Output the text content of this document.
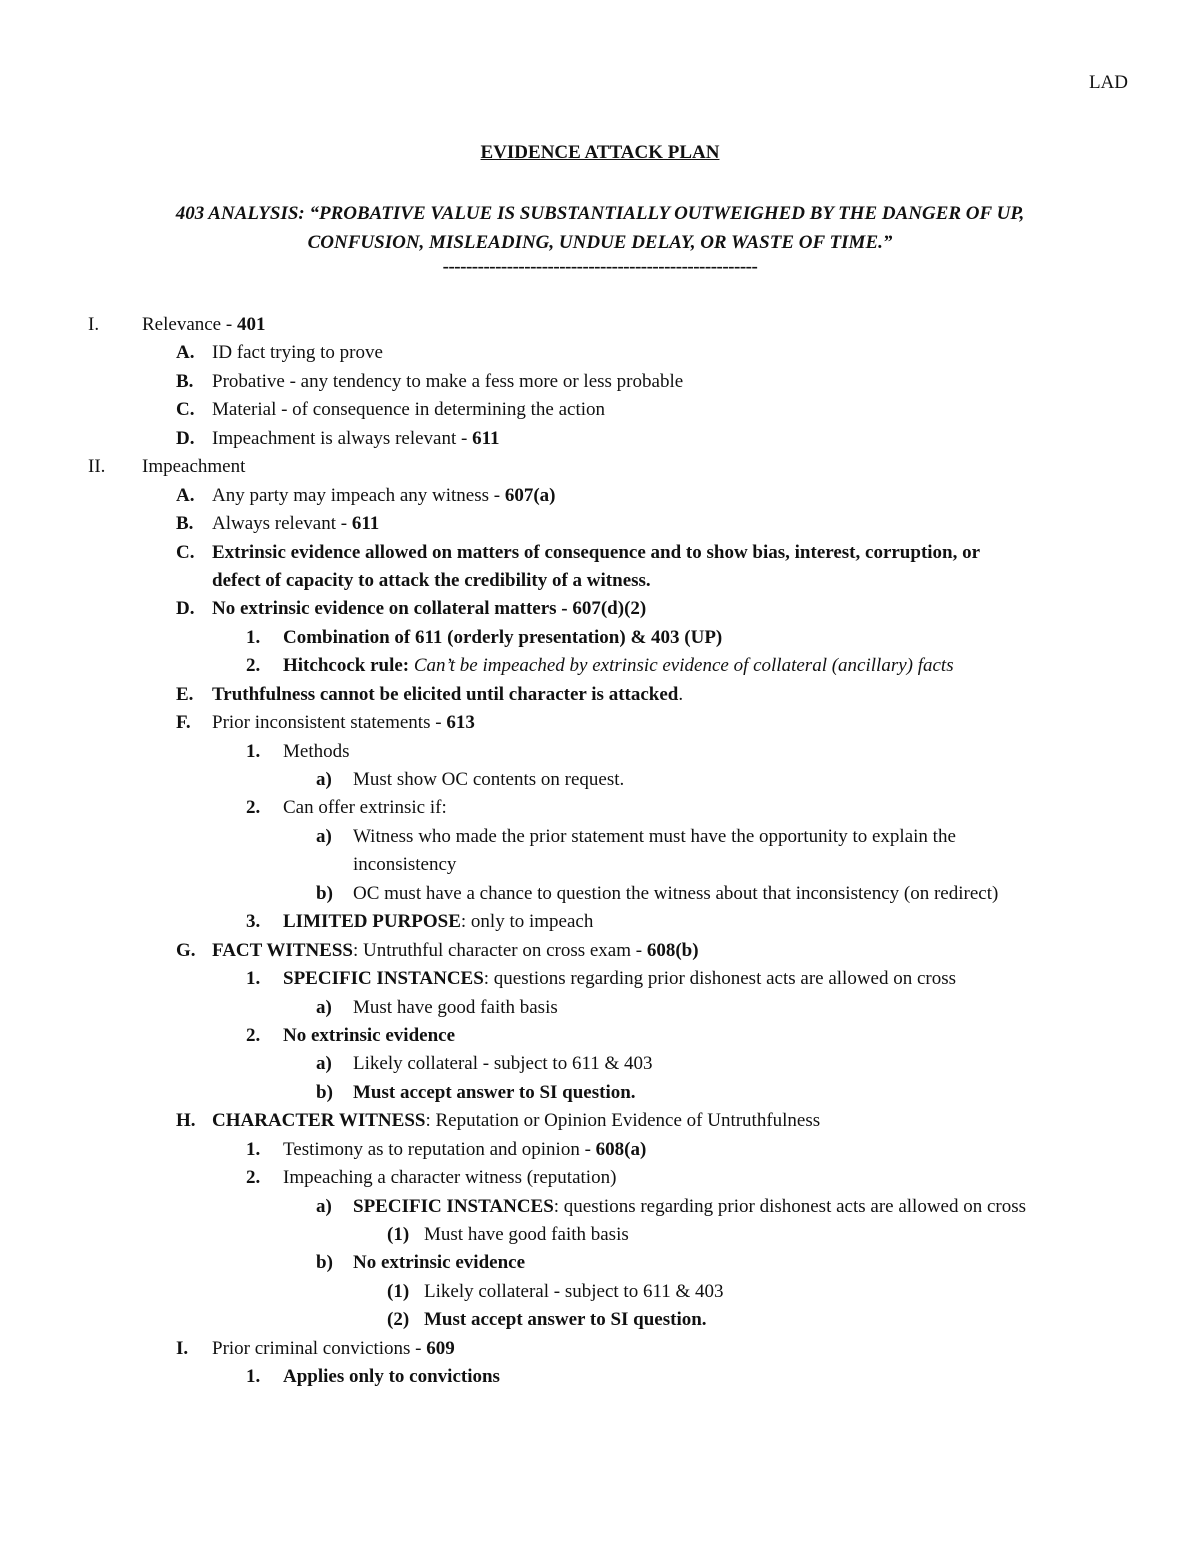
LAD
EVIDENCE ATTACK PLAN
403 ANALYSIS: “PROBATIVE VALUE IS SUBSTANTIALLY OUTWEIGHED BY THE DANGER OF UP,
CONFUSION, MISLEADING, UNDUE DELAY, OR WASTE OF TIME.”
------------------------------------------------------
I. Relevance - 401
A. ID fact trying to prove
B. Probative - any tendency to make a fess more or less probable
C. Material - of consequence in determining the action
D. Impeachment is always relevant - 611
II. Impeachment
A. Any party may impeach any witness - 607(a)
B. Always relevant - 611
C. Extrinsic evidence allowed on matters of consequence and to show bias, interest, corruption, or
defect of capacity to attack the credibility of a witness.
D. No extrinsic evidence on collateral matters - 607(d)(2)
1. Combination of 611 (orderly presentation) & 403 (UP)
2. Hitchcock rule: Can’t be impeached by extrinsic evidence of collateral (ancillary) facts
E. Truthfulness cannot be elicited until character is attacked.
F. Prior inconsistent statements - 613
1. Methods
a) Must show OC contents on request.
2. Can offer extrinsic if:
a) Witness who made the prior statement must have the opportunity to explain the
inconsistency
b) OC must have a chance to question the witness about that inconsistency (on redirect)
3. LIMITED PURPOSE: only to impeach
G. FACT WITNESS: Untruthful character on cross exam - 608(b)
1. SPECIFIC INSTANCES: questions regarding prior dishonest acts are allowed on cross
a) Must have good faith basis
2. No extrinsic evidence
a) Likely collateral - subject to 611 & 403
b) Must accept answer to SI question.
H. CHARACTER WITNESS: Reputation or Opinion Evidence of Untruthfulness
1. Testimony as to reputation and opinion - 608(a)
2. Impeaching a character witness (reputation)
a) SPECIFIC INSTANCES: questions regarding prior dishonest acts are allowed on cross
(1) Must have good faith basis
b) No extrinsic evidence
(1) Likely collateral - subject to 611 & 403
(2) Must accept answer to SI question.
I. Prior criminal convictions - 609
1. Applies only to convictions
